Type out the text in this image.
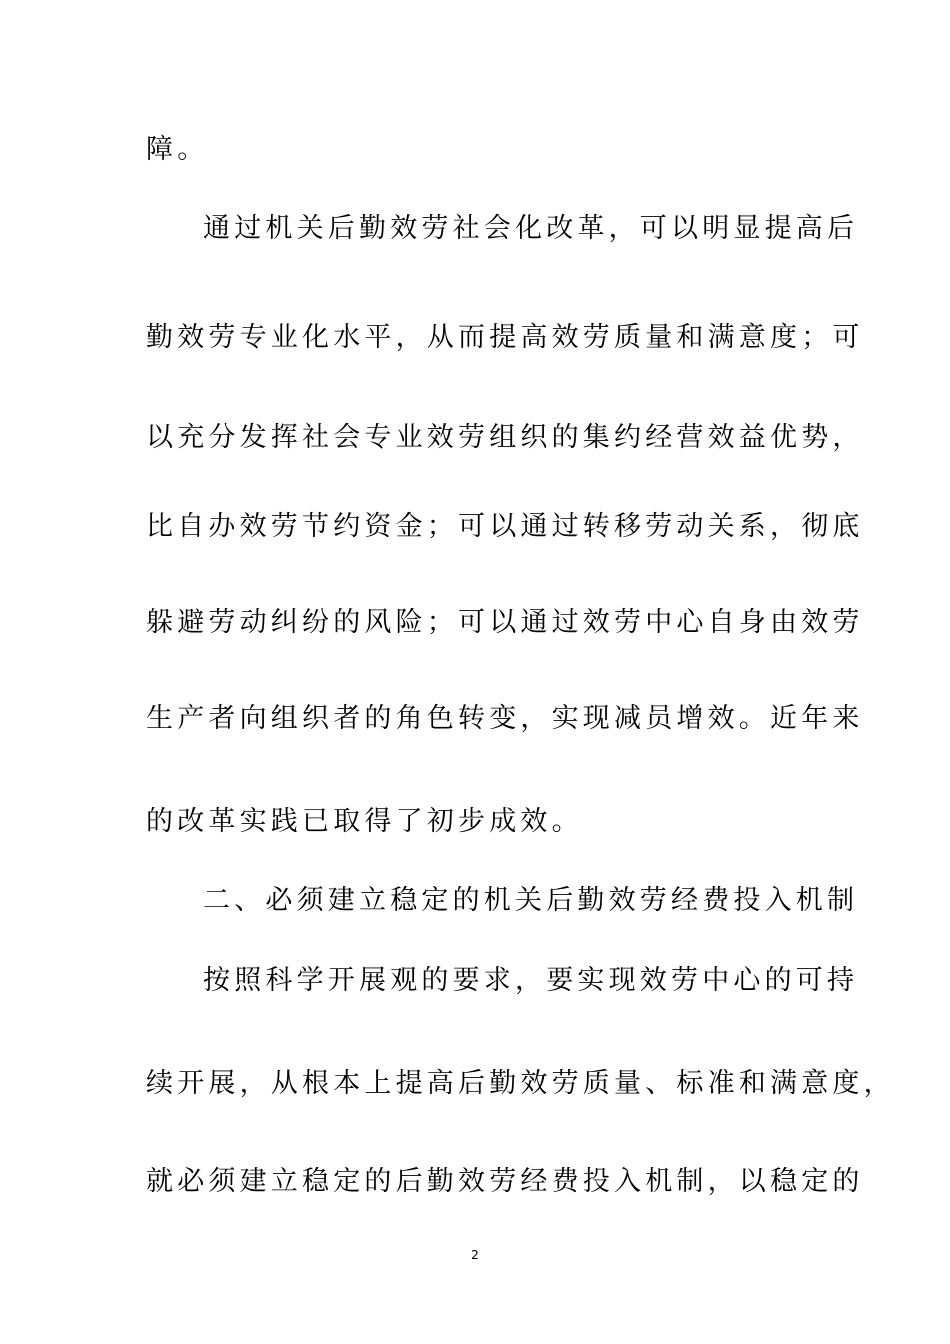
障。
通过机关后勤效劳社会化改革，可以明显提高后
勤效劳专业化水平，从而提高效劳质量和满意度；可
以充分发挥社会专业效劳组织的集约经营效益优势，
比自办效劳节约资金；可以通过转移劳动关系，彻底
躲避劳动纠纷的风险；可以通过效劳中心自身由效劳
生产者向组织者的角色转变，实现减员增效。近年来
的改革实践已取得了初步成效。
二、必须建立稳定的机关后勤效劳经费投入机制
按照科学开展观的要求，要实现效劳中心的可持
续开展，从根本上提高后勤效劳质量、标准和满意度，
就必须建立稳定的后勤效劳经费投入机制，以稳定的
2
